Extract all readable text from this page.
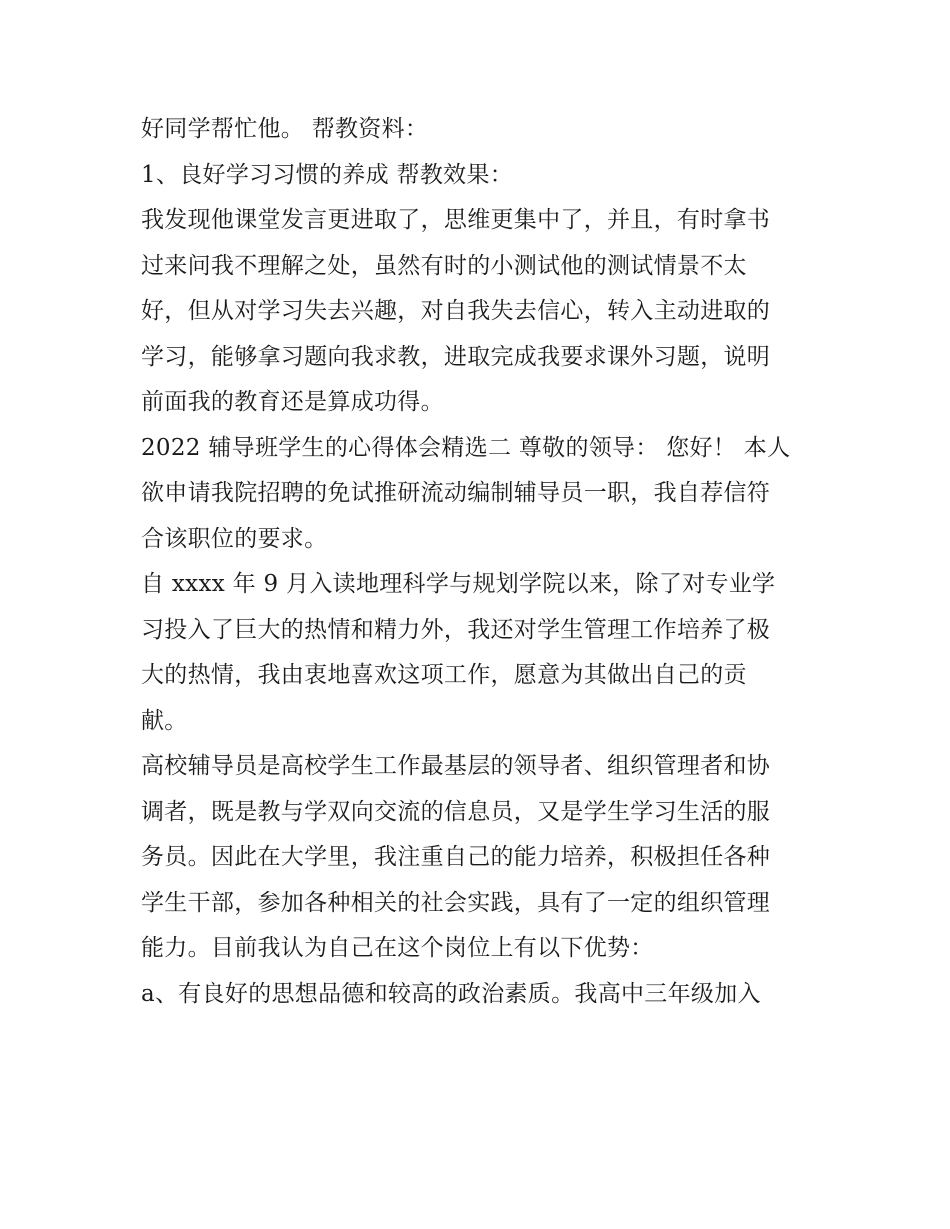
好同学帮忙他。 帮教资料：
1、良好学习习惯的养成 帮教效果：
我发现他课堂发言更进取了，思维更集中了，并且，有时拿书
过来问我不理解之处，虽然有时的小测试他的测试情景不太
好，但从对学习失去兴趣，对自我失去信心，转入主动进取的
学习，能够拿习题向我求教，进取完成我要求课外习题，说明
前面我的教育还是算成功得。
2022 辅导班学生的心得体会精选二 尊敬的领导： 您好！ 本人
欲申请我院招聘的免试推研流动编制辅导员一职，我自荐信符
合该职位的要求。
自 xxxx 年 9 月入读地理科学与规划学院以来，除了对专业学
习投入了巨大的热情和精力外，我还对学生管理工作培养了极
大的热情，我由衷地喜欢这项工作，愿意为其做出自己的贡
献。
高校辅导员是高校学生工作最基层的领导者、组织管理者和协
调者，既是教与学双向交流的信息员，又是学生学习生活的服
务员。因此在大学里，我注重自己的能力培养，积极担任各种
学生干部，参加各种相关的社会实践，具有了一定的组织管理
能力。目前我认为自己在这个岗位上有以下优势：
a、有良好的思想品德和较高的政治素质。我高中三年级加入
